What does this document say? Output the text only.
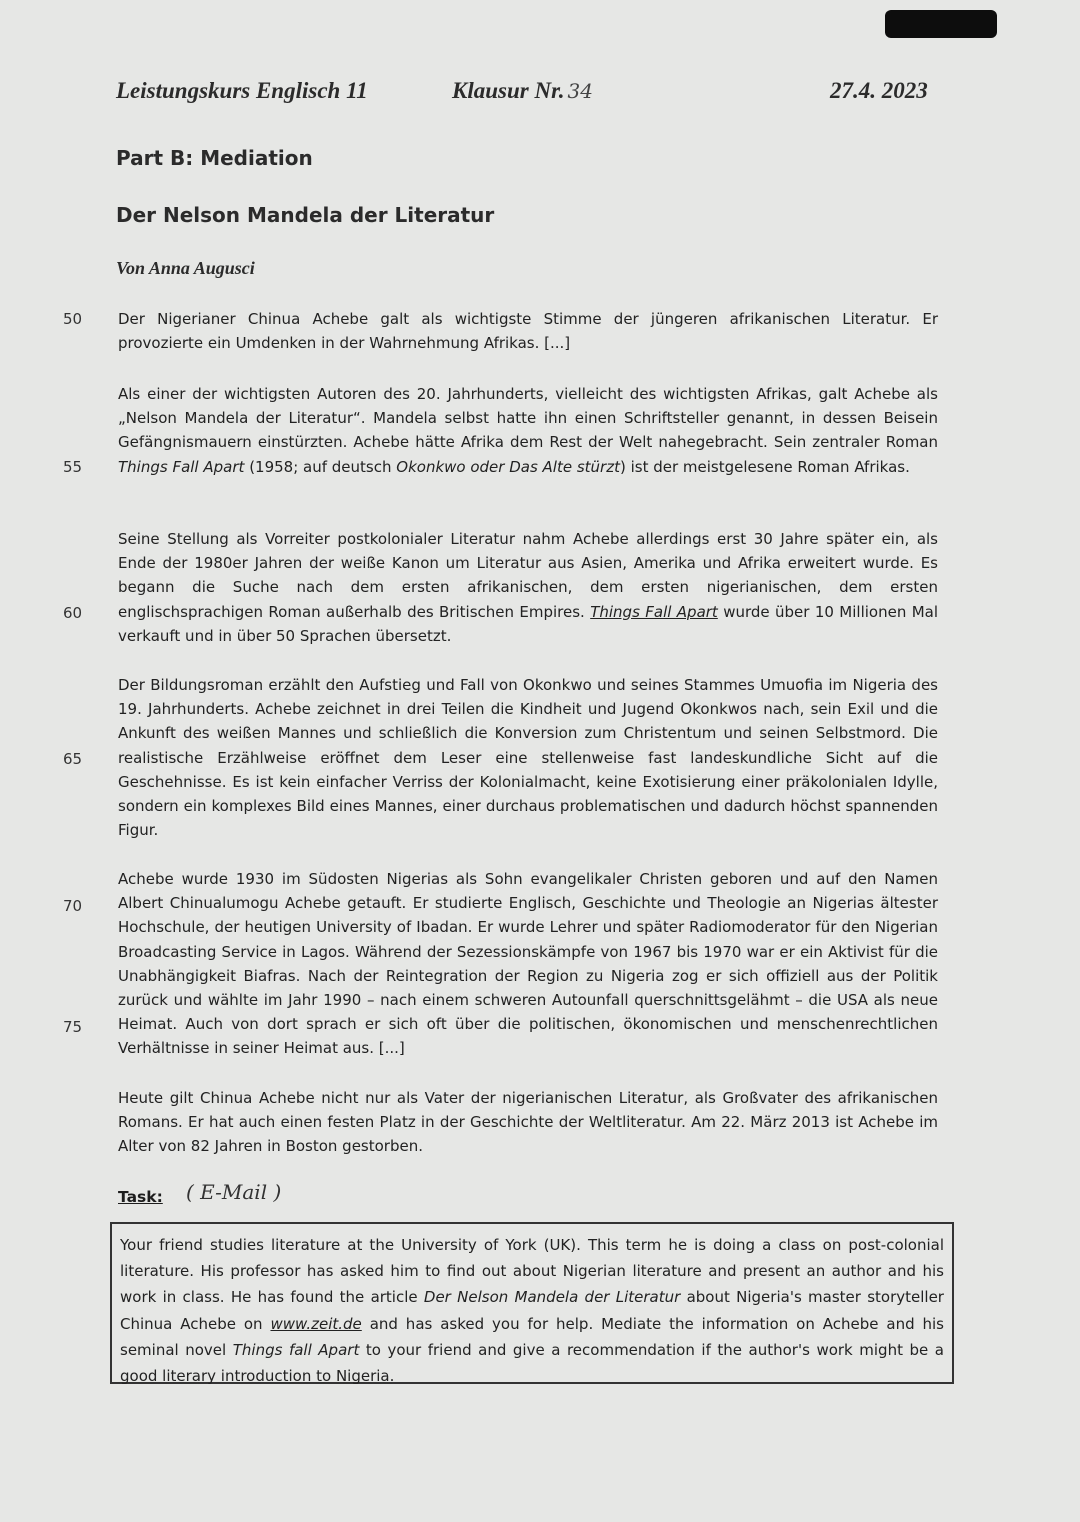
Leistungskurs Englisch 11	Klausur Nr. 34	27.4. 2023
Part B: Mediation
Der Nelson Mandela der Literatur
Von Anna Augusci
50
55
60
65
70
75

Der Nigerianer Chinua Achebe galt als wichtigste Stimme der jüngeren afrikanischen Literatur. Er provozierte ein Umdenken in der Wahrnehmung Afrikas. [...]

Als einer der wichtigsten Autoren des 20. Jahrhunderts, vielleicht des wichtigsten Afrikas, galt Achebe als „Nelson Mandela der Literatur“. Mandela selbst hatte ihn einen Schriftsteller genannt, in dessen Beisein Gefängnismauern einstürzten. Achebe hätte Afrika dem Rest der Welt nahegebracht. Sein zentraler Roman Things Fall Apart (1958; auf deutsch Okonkwo oder Das Alte stürzt) ist der meistgelesene Roman Afrikas.

Seine Stellung als Vorreiter postkolonialer Literatur nahm Achebe allerdings erst 30 Jahre später ein, als Ende der 1980er Jahren der weiße Kanon um Literatur aus Asien, Amerika und Afrika erweitert wurde. Es begann die Suche nach dem ersten afrikanischen, dem ersten nigerianischen, dem ersten englischsprachigen Roman außerhalb des Britischen Empires. Things Fall Apart wurde über 10 Millionen Mal verkauft und in über 50 Sprachen übersetzt.

Der Bildungsroman erzählt den Aufstieg und Fall von Okonkwo und seines Stammes Umuofia im Nigeria des 19. Jahrhunderts. Achebe zeichnet in drei Teilen die Kindheit und Jugend Okonkwos nach, sein Exil und die Ankunft des weißen Mannes und schließlich die Konversion zum Christentum und seinen Selbstmord. Die realistische Erzählweise eröffnet dem Leser eine stellenweise fast landeskundliche Sicht auf die Geschehnisse. Es ist kein einfacher Verriss der Kolonialmacht, keine Exotisierung einer präkolonialen Idylle, sondern ein komplexes Bild eines Mannes, einer durchaus problematischen und dadurch höchst spannenden Figur.

Achebe wurde 1930 im Südosten Nigerias als Sohn evangelikaler Christen geboren und auf den Namen Albert Chinualumogu Achebe getauft. Er studierte Englisch, Geschichte und Theologie an Nigerias ältester Hochschule, der heutigen University of Ibadan. Er wurde Lehrer und später Radiomoderator für den Nigerian Broadcasting Service in Lagos. Während der Sezessionskämpfe von 1967 bis 1970 war er ein Aktivist für die Unabhängigkeit Biafras. Nach der Reintegration der Region zu Nigeria zog er sich offiziell aus der Politik zurück und wählte im Jahr 1990 – nach einem schweren Autounfall querschnittsgelähmt – die USA als neue Heimat. Auch von dort sprach er sich oft über die politischen, ökonomischen und menschenrechtlichen Verhältnisse in seiner Heimat aus. [...]

Heute gilt Chinua Achebe nicht nur als Vater der nigerianischen Literatur, als Großvater des afrikanischen Romans. Er hat auch einen festen Platz in der Geschichte der Weltliteratur. Am 22. März 2013 ist Achebe im Alter von 82 Jahren in Boston gestorben.

Task: ( E-Mail )

Your friend studies literature at the University of York (UK). This term he is doing a class on post-colonial literature. His professor has asked him to find out about Nigerian literature and present an author and his work in class. He has found the article Der Nelson Mandela der Literatur about Nigeria's master storyteller Chinua Achebe on www.zeit.de and has asked you for help. Mediate the information on Achebe and his seminal novel Things fall Apart to your friend and give a recommendation if the author's work might be a good literary introduction to Nigeria.
